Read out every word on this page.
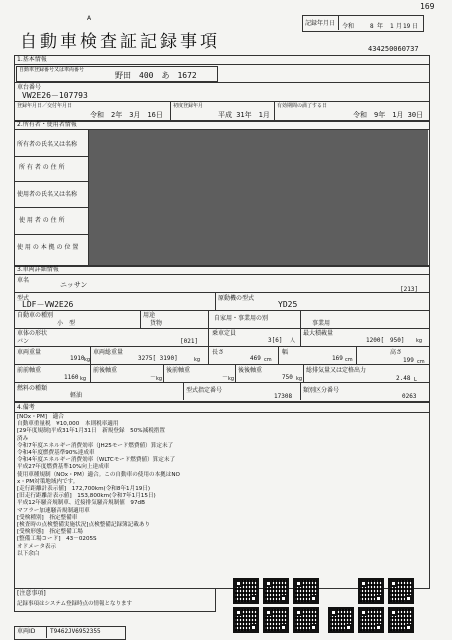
169
A
記録年月日 令和	8 年 1 月 19 日
自動車検査証記録事項	434250060737
1.基本情報
自動車登録番号又は車両番号
野田　400　あ　1672
車台番号
VW2E26－107793
登録年月日／交付年月日
令和　2年　3月　16日
初度登録年月
平成 31年　1月
有効期間の満了する日
令和　9年　1月 30日
2.所有者・使用者情報
所有者の氏名又は名称
所 有 者 の 住 所
使用者の氏名又は名称
使 用 者 の 住 所
使 用 の 本 拠 の 位 置
3.車両詳細情報
車名
ニッサン
[213]
型式
LDF－VW2E26
原動機の型式
YD25
自動車の種別
小　型
用途
貨物
自家用・事業用の別
事業用
車体の形状
バン	[021]
乗車定員
3[6] 人
最大積載量
1200[　950] kg
車両重量
1910 kg
車両総重量
3275[ 3190]	kg
長さ
469 cm
幅
169 cm
高さ
199 cm
前前軸重
1160 kg
前後軸重
－ kg
後前軸重
－ kg
後後軸重
750 kg
総排気量又は定格出力
2.48 L
燃料の種類
軽油
型式指定番号
17308
類別区分番号
0263
4.備考
[NOx・PM]　適合
自動車重量税　¥10,000　本則税率適用
[29年度規制]平成31年1月31日　新規登録　50%減税措置
済み
令和7年度エネルギー消費効率（JH25モード燃費値）算定未了
令和4年度燃費基準90%達成車
令和4年度エネルギー消費効率（WLTCモード燃費値）算定未了
平成27年度燃費基準10%向上達成車
使用車種規制（NOx・PM）適合。この自動車の使用の本拠はNO
x・PM対策地域内です。
[走行距離計表示値]　172,700km(令和8年1月19日)
[旧走行距離計表示値]　153,800km(令和7年1月15日)
平成12年騒音規制車、近接排気騒音規制値　97dB
マフラー加速騒音規制適用車
[受検種別]　指定整備車
[検査時の点検整備実施状況]点検整備記録簿記載あり
[受検形態]　指定整備工場
[整備工場コード]　43－0205S
オドメータ表示
以下余白
[注意事項]
記録事項はシステム登録時点の情報となります
車両ID T9462JV6952355
